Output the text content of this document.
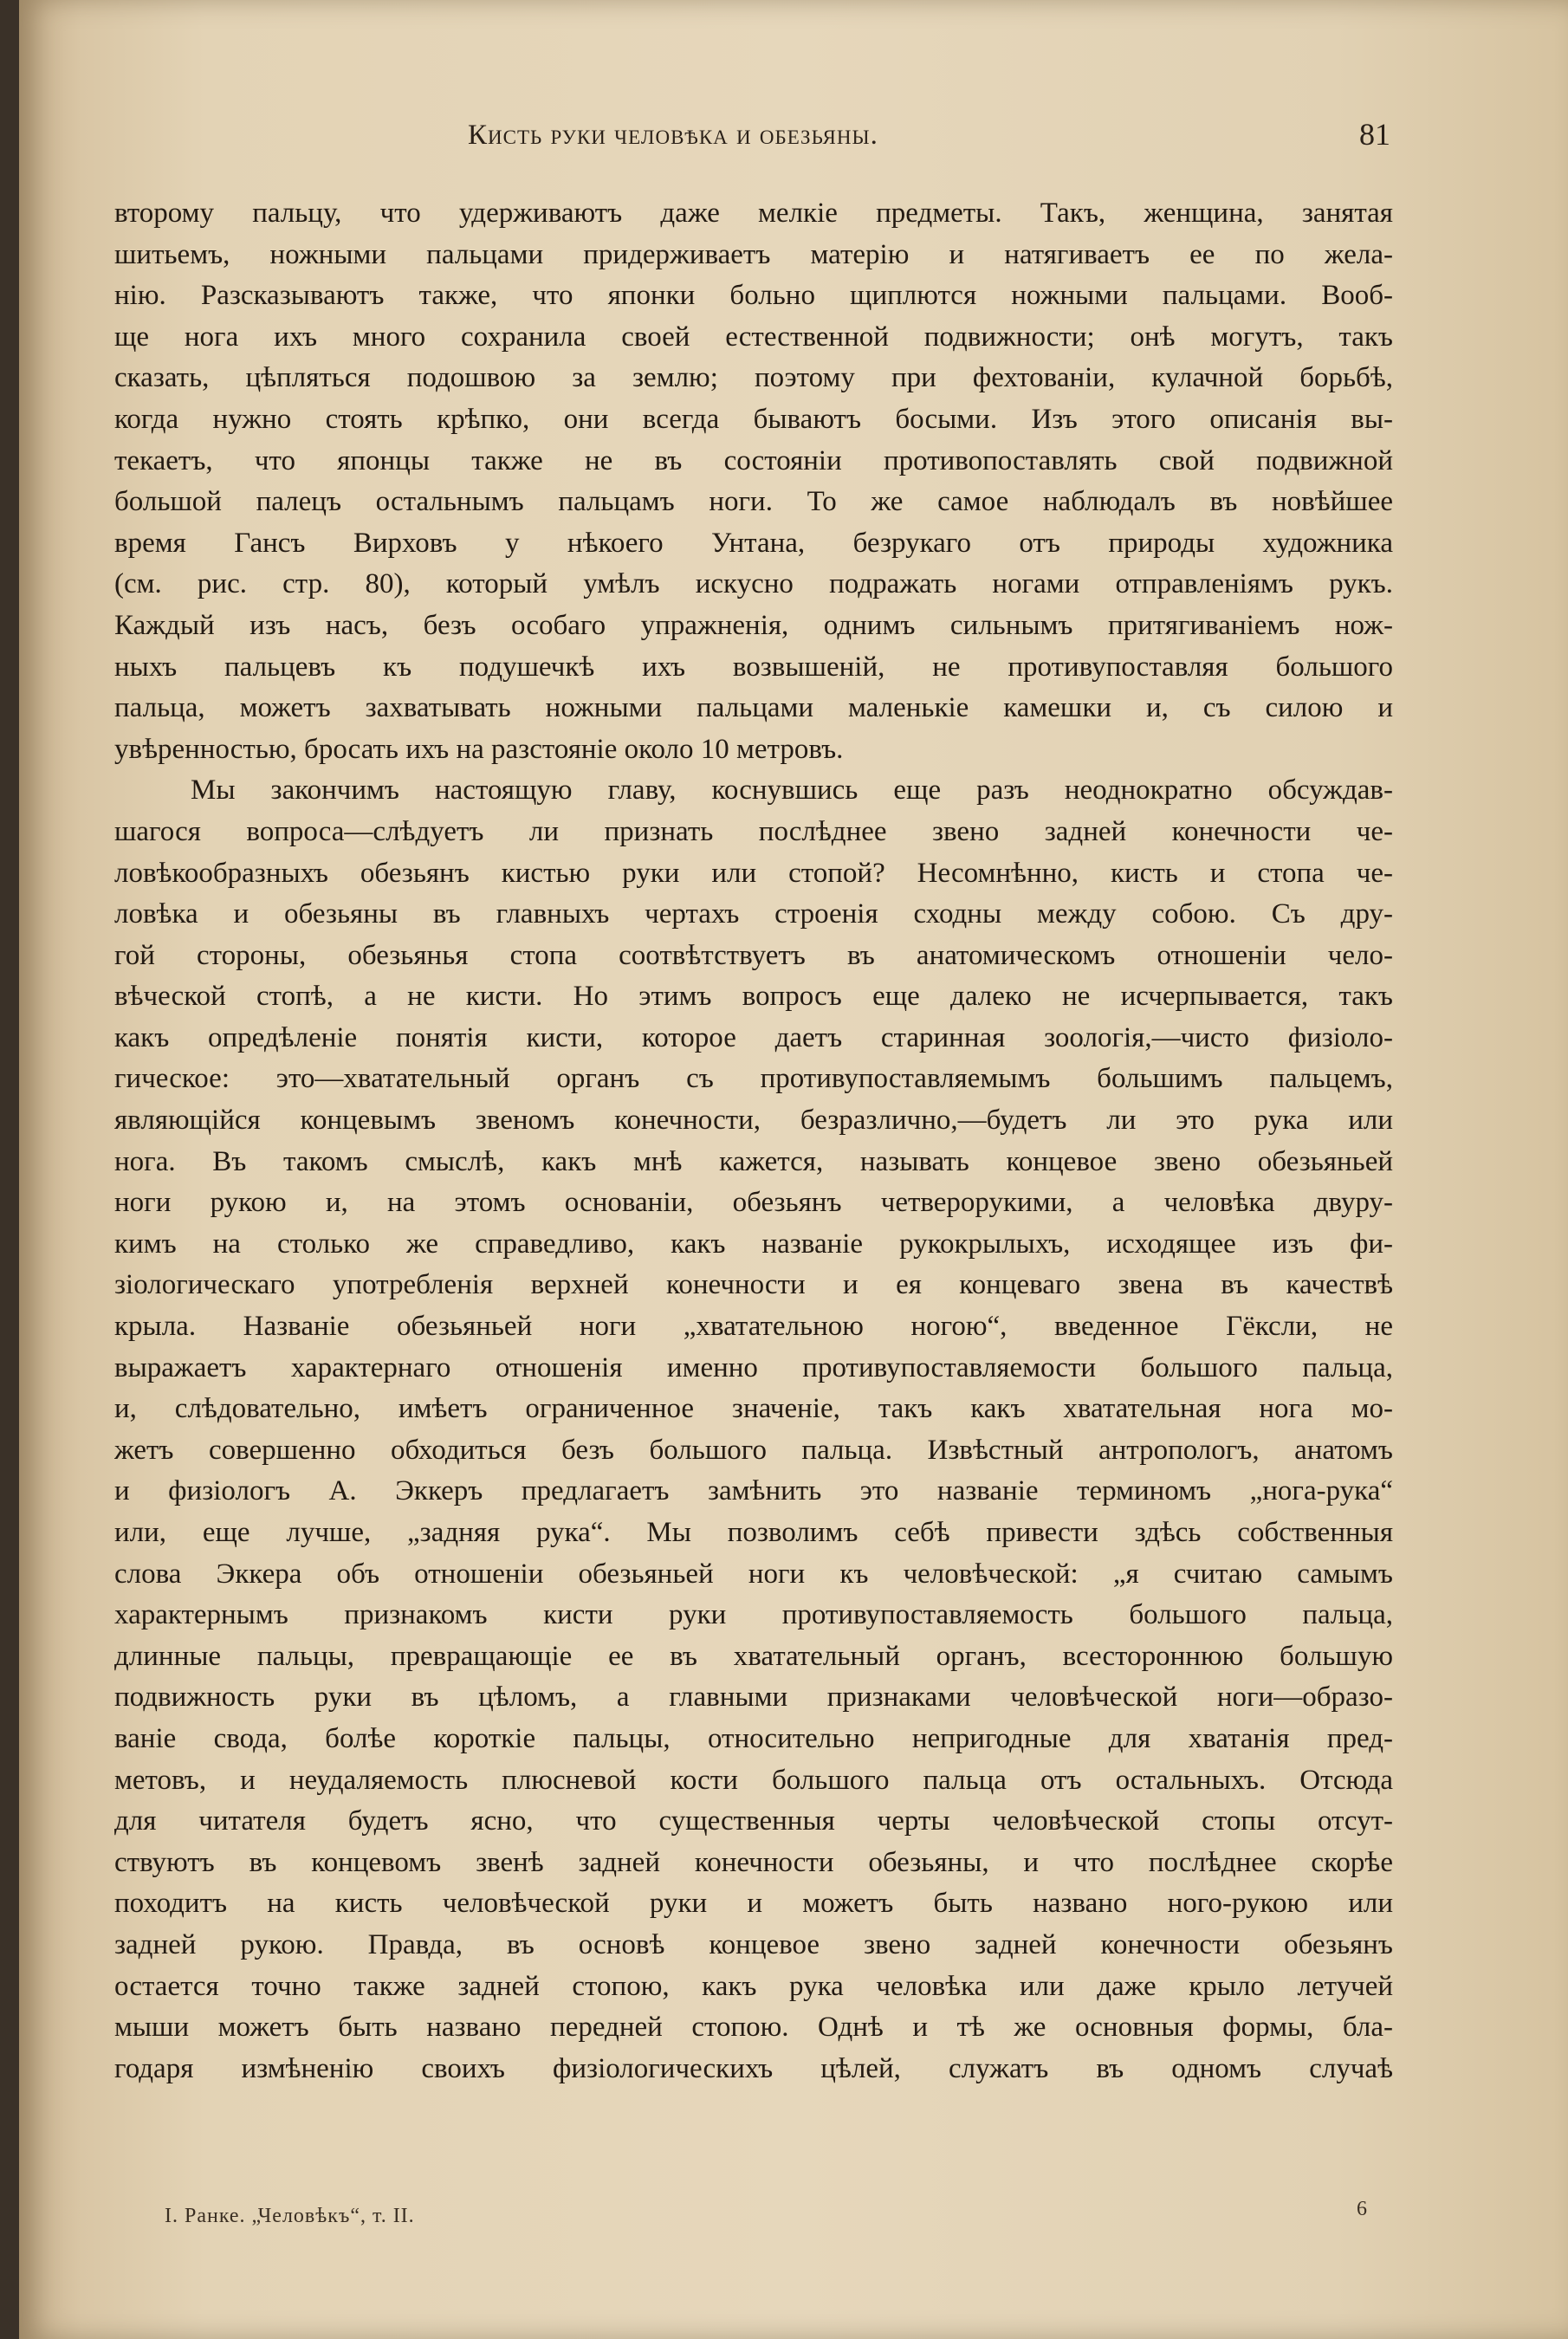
Кисть руки человѣка и обезьяны.	81
второму пальцу, что удерживаютъ даже мелкіе предметы. Такъ, женщина, занятая
шитьемъ, ножными пальцами придерживаетъ матерію и натягиваетъ ее по жела-
нію. Разсказываютъ также, что японки больно щиплются ножными пальцами. Вооб-
ще нога ихъ много сохранила своей естественной подвижности; онѣ могутъ, такъ
сказать, цѣпляться подошвою за землю; поэтому при фехтованіи, кулачной борьбѣ,
когда нужно стоять крѣпко, они всегда бываютъ босыми. Изъ этого описанія вы-
текаетъ, что японцы также не въ состояніи противопоставлять свой подвижной
большой палецъ остальнымъ пальцамъ ноги. То же самое наблюдалъ въ новѣйшее
время Гансъ Вирховъ у нѣкоего Унтана, безрукаго отъ природы художника
(см. рис. стр. 80), который умѣлъ искусно подражать ногами отправленіямъ рукъ.
Каждый изъ насъ, безъ особаго упражненія, однимъ сильнымъ притягиваніемъ нож-
ныхъ пальцевъ къ подушечкѣ ихъ возвышеній, не противупоставляя большого
пальца, можетъ захватывать ножными пальцами маленькіе камешки и, съ силою и
увѣренностью, бросать ихъ на разстояніе около 10 метровъ.
Мы закончимъ настоящую главу, коснувшись еще разъ неоднократно обсуждав-
шагося вопроса—слѣдуетъ ли признать послѣднее звено задней конечности че-
ловѣкообразныхъ обезьянъ кистью руки или стопой? Несомнѣнно, кисть и стопа че-
ловѣка и обезьяны въ главныхъ чертахъ строенія сходны между собою. Съ дру-
гой стороны, обезьянья стопа соотвѣтствуетъ въ анатомическомъ отношеніи чело-
вѣческой стопѣ, а не кисти. Но этимъ вопросъ еще далеко не исчерпывается, такъ
какъ опредѣленіе понятія кисти, которое даетъ старинная зоологія,—чисто физіоло-
гическое: это—хватательный органъ съ противупоставляемымъ большимъ пальцемъ,
являющійся концевымъ звеномъ конечности, безразлично,—будетъ ли это рука или
нога. Въ такомъ смыслѣ, какъ мнѣ кажется, называть концевое звено обезьяньей
ноги рукою и, на этомъ основаніи, обезьянъ четверорукими, а человѣка двуру-
кимъ на столько же справедливо, какъ названіе рукокрылыхъ, исходящее изъ фи-
зіологическаго употребленія верхней конечности и ея концеваго звена въ качествѣ
крыла. Названіе обезьяньей ноги „хватательною ногою“, введенное Гёксли, не
выражаетъ характернаго отношенія именно противупоставляемости большого пальца,
и, слѣдовательно, имѣетъ ограниченное значеніе, такъ какъ хватательная нога мо-
жетъ совершенно обходиться безъ большого пальца. Извѣстный антропологъ, анатомъ
и физіологъ А. Эккеръ предлагаетъ замѣнить это названіе терминомъ „нога-рука“
или, еще лучше, „задняя рука“. Мы позволимъ себѣ привести здѣсь собственныя
слова Эккера объ отношеніи обезьяньей ноги къ человѣческой: „я считаю самымъ
характернымъ признакомъ кисти руки противупоставляемость большого пальца,
длинные пальцы, превращающіе ее въ хватательный органъ, всестороннюю большую
подвижность руки въ цѣломъ, а главными признаками человѣческой ноги—образо-
ваніе свода, болѣе короткіе пальцы, относительно непригодные для хватанія пред-
метовъ, и неудаляемость плюсневой кости большого пальца отъ остальныхъ. Отсюда
для читателя будетъ ясно, что существенныя черты человѣческой стопы отсут-
ствуютъ въ концевомъ звенѣ задней конечности обезьяны, и что послѣднее скорѣе
походитъ на кисть человѣческой руки и можетъ быть названо ного-рукою или
задней рукою. Правда, въ основѣ концевое звено задней конечности обезьянъ
остается точно также задней стопою, какъ рука человѣка или даже крыло летучей
мыши можетъ быть названо передней стопою. Однѣ и тѣ же основныя формы, бла-
годаря измѣненію своихъ физіологическихъ цѣлей, служатъ въ одномъ случаѣ
І. Ранке. „Человѣкъ“, т. II.	6
